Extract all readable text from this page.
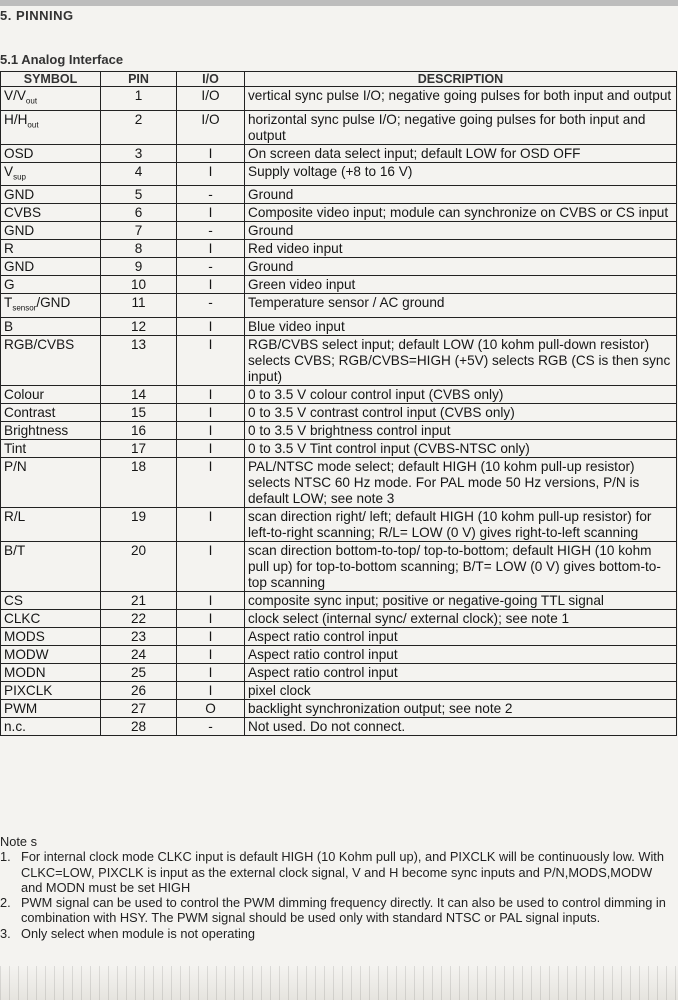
5. PINNING
5.1 Analog Interface
SYMBOL	PIN	I/O	DESCRIPTION
$V/V_{out}$	1	I/O	vertical sync pulse I/O; negative going pulses for both input and output
$H/H_{out}$	2	I/O	horizontal sync pulse I/O; negative going pulses for both input and output
OSD	3	I	On screen data select input; default LOW for OSD OFF
$V_{sup}$	4	I	Supply voltage (+8 to 16 V)
GND	5	-	Ground
CVBS	6	I	Composite video input; module can synchronize on CVBS or CS input
GND	7	-	Ground
R	8	I	Red video input
GND	9	-	Ground
G	10	I	Green video input
$T_{sensor}$/GND	11	-	Temperature sensor / AC ground
B	12	I	Blue video input
RGB/CVBS	13	I	RGB/CVBS select input; default LOW (10 kohm pull-down resistor) selects CVBS; RGB/CVBS=HIGH (+5V) selects RGB (CS is then sync input)
Colour	14	I	0 to 3.5 V colour control input (CVBS only)
Contrast	15	I	0 to 3.5 V contrast control input (CVBS only)
Brightness	16	I	0 to 3.5 V brightness control input
Tint	17	I	0 to 3.5 V Tint control input (CVBS-NTSC only)
P/N	18	I	PAL/NTSC mode select; default HIGH (10 kohm pull-up resistor) selects NTSC 60 Hz mode. For PAL mode 50 Hz versions, P/N is default LOW; see note 3
R/L	19	I	scan direction right/ left; default HIGH (10 kohm pull-up resistor) for left-to-right scanning; R/L= LOW (0 V) gives right-to-left scanning
B/T	20	I	scan direction bottom-to-top/ top-to-bottom; default HIGH (10 kohm pull up) for top-to-bottom scanning; B/T= LOW (0 V) gives bottom-to-top scanning
CS	21	I	composite sync input; positive or negative-going TTL signal
CLKC	22	I	clock select (internal sync/ external clock); see note 1
MODS	23	I	Aspect ratio control input
MODW	24	I	Aspect ratio control input
MODN	25	I	Aspect ratio control input
PIXCLK	26	I	pixel clock
PWM	27	O	backlight synchronization output; see note 2
n.c.	28	-	Not used. Do not connect.
Note s
1. For internal clock mode CLKC input is default HIGH (10 Kohm pull up), and PIXCLK will be continuously low. With CLKC=LOW, PIXCLK is input as the external clock signal, V and H become sync inputs and P/N,MODS,MODW and MODN must be set HIGH
2. PWM signal can be used to control the PWM dimming frequency directly. It can also be used to control dimming in combination with HSY. The PWM signal should be used only with standard NTSC or PAL signal inputs.
3. Only select when module is not operating
